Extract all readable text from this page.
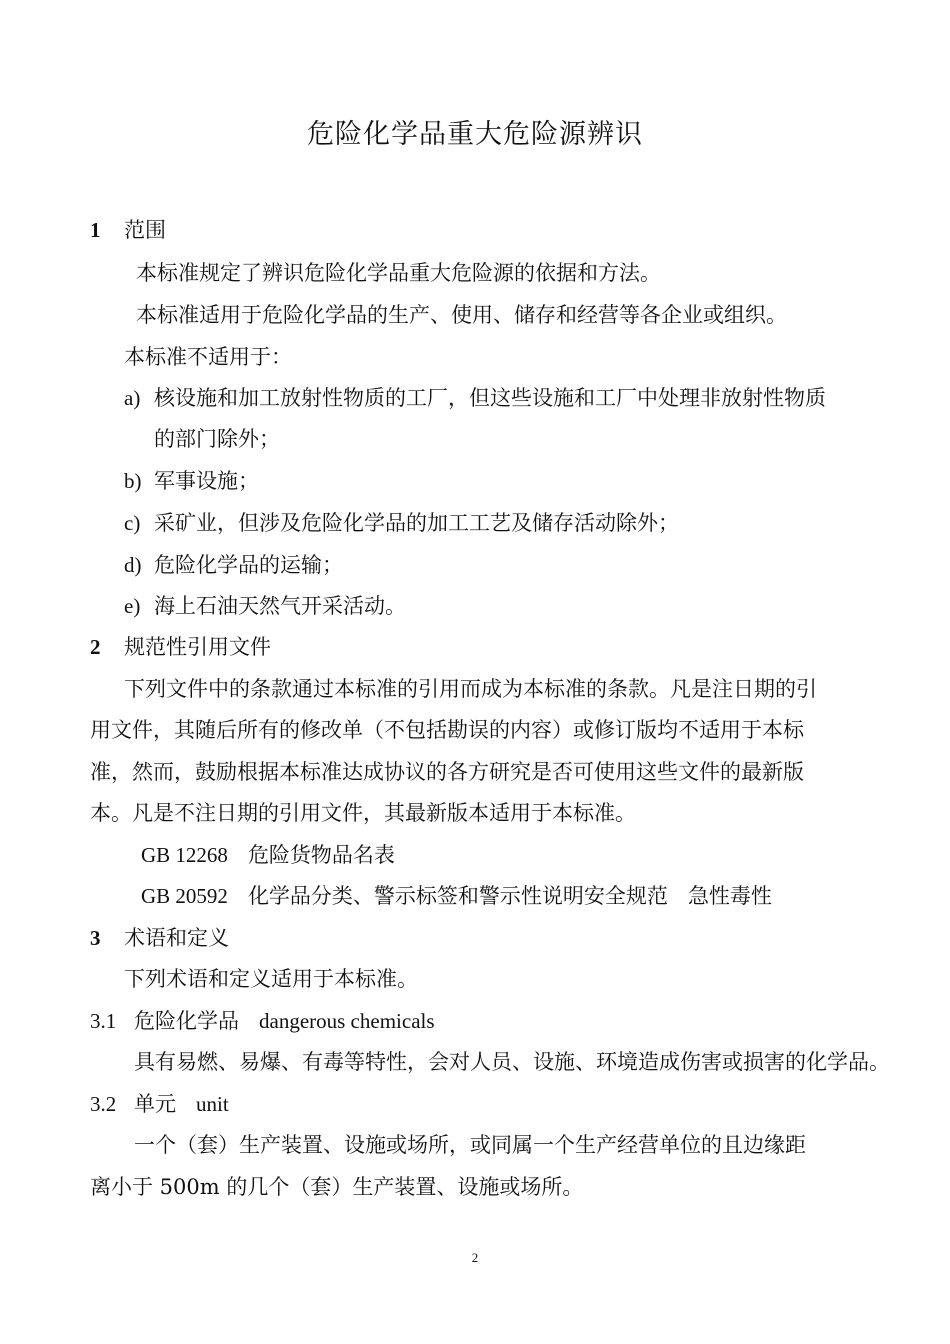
危险化学品重大危险源辨识
1 范围
本标准规定了辨识危险化学品重大危险源的依据和方法。
本标准适用于危险化学品的生产、使用、储存和经营等各企业或组织。
本标准不适用于：
a) 核设施和加工放射性物质的工厂，但这些设施和工厂中处理非放射性物质
的部门除外；
b) 军事设施；
c) 采矿业，但涉及危险化学品的加工工艺及储存活动除外；
d) 危险化学品的运输；
e) 海上石油天然气开采活动。
2 规范性引用文件
下列文件中的条款通过本标准的引用而成为本标准的条款。凡是注日期的引
用文件，其随后所有的修改单（不包括勘误的内容）或修订版均不适用于本标
准，然而，鼓励根据本标准达成协议的各方研究是否可使用这些文件的最新版
本。凡是不注日期的引用文件，其最新版本适用于本标准。
GB 12268 危险货物品名表
GB 20592 化学品分类、警示标签和警示性说明安全规范 急性毒性
3 术语和定义
下列术语和定义适用于本标准。
3.1 危险化学品 dangerous chemicals
具有易燃、易爆、有毒等特性，会对人员、设施、环境造成伤害或损害的化学品。
3.2 单元 unit
一个（套）生产装置、设施或场所，或同属一个生产经营单位的且边缘距
离小于 500m 的几个（套）生产装置、设施或场所。
2
